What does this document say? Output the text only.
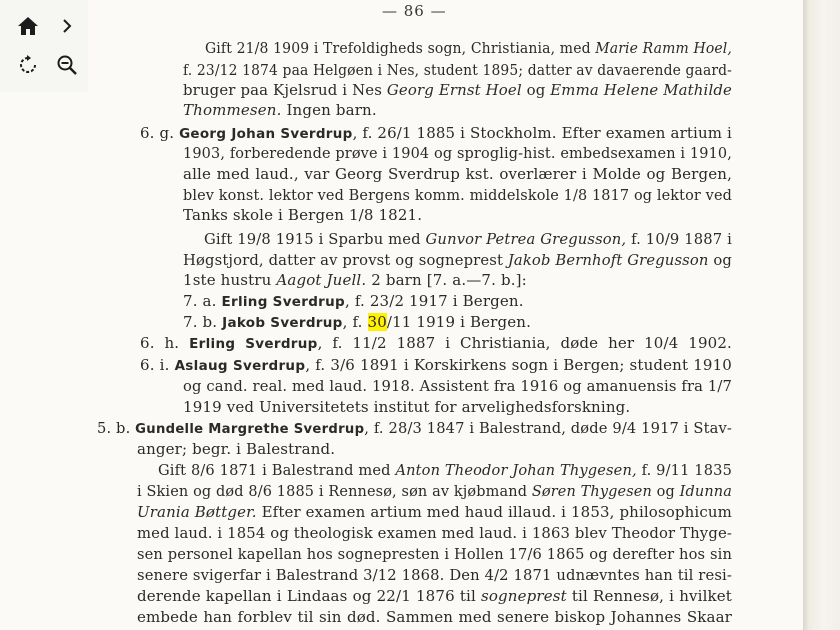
— 86 —
Gift 21/8 1909 i Trefoldigheds sogn, Christiania, med Marie Ramm Hoel,
f. 23/12 1874 paa Helgøen i Nes, student 1895; datter av davaerende gaard-
bruger paa Kjelsrud i Nes Georg Ernst Hoel og Emma Helene Mathilde
Thommesen. Ingen barn.
6. g. Georg Johan Sverdrup, f. 26/1 1885 i Stockholm. Efter examen artium i
1903, forberedende prøve i 1904 og sproglig-hist. embedsexamen i 1910,
alle med laud., var Georg Sverdrup kst. overlærer i Molde og Bergen,
blev konst. lektor ved Bergens komm. middelskole 1/8 1817 og lektor ved
Tanks skole i Bergen 1/8 1821.
Gift 19/8 1915 i Sparbu med Gunvor Petrea Gregusson, f. 10/9 1887 i
Høgstjord, datter av provst og sogneprest Jakob Bernhoft Gregusson og
1ste hustru Aagot Juell. 2 barn [7. a.—7. b.]:
7. a. Erling Sverdrup, f. 23/2 1917 i Bergen.
7. b. Jakob Sverdrup, f. 30/11 1919 i Bergen.
6. h. Erling Sverdrup, f. 11/2 1887 i Christiania, døde her 10/4 1902.
6. i. Aslaug Sverdrup, f. 3/6 1891 i Korskirkens sogn i Bergen; student 1910
og cand. real. med laud. 1918. Assistent fra 1916 og amanuensis fra 1/7
1919 ved Universitetets institut for arvelighedsforskning.
5. b. Gundelle Margrethe Sverdrup, f. 28/3 1847 i Balestrand, døde 9/4 1917 i Stav-
anger; begr. i Balestrand.
Gift 8/6 1871 i Balestrand med Anton Theodor Johan Thygesen, f. 9/11 1835
i Skien og død 8/6 1885 i Rennesø, søn av kjøbmand Søren Thygesen og Idunna
Urania Bøttger. Efter examen artium med haud illaud. i 1853, philosophicum
med laud. i 1854 og theologisk examen med laud. i 1863 blev Theodor Thyge-
sen personel kapellan hos sognepresten i Hollen 17/6 1865 og derefter hos sin
senere svigerfar i Balestrand 3/12 1868. Den 4/2 1871 udnævntes han til resi-
derende kapellan i Lindaas og 22/1 1876 til sogneprest til Rennesø, i hvilket
embede han forblev til sin død. Sammen med senere biskop Johannes Skaar
